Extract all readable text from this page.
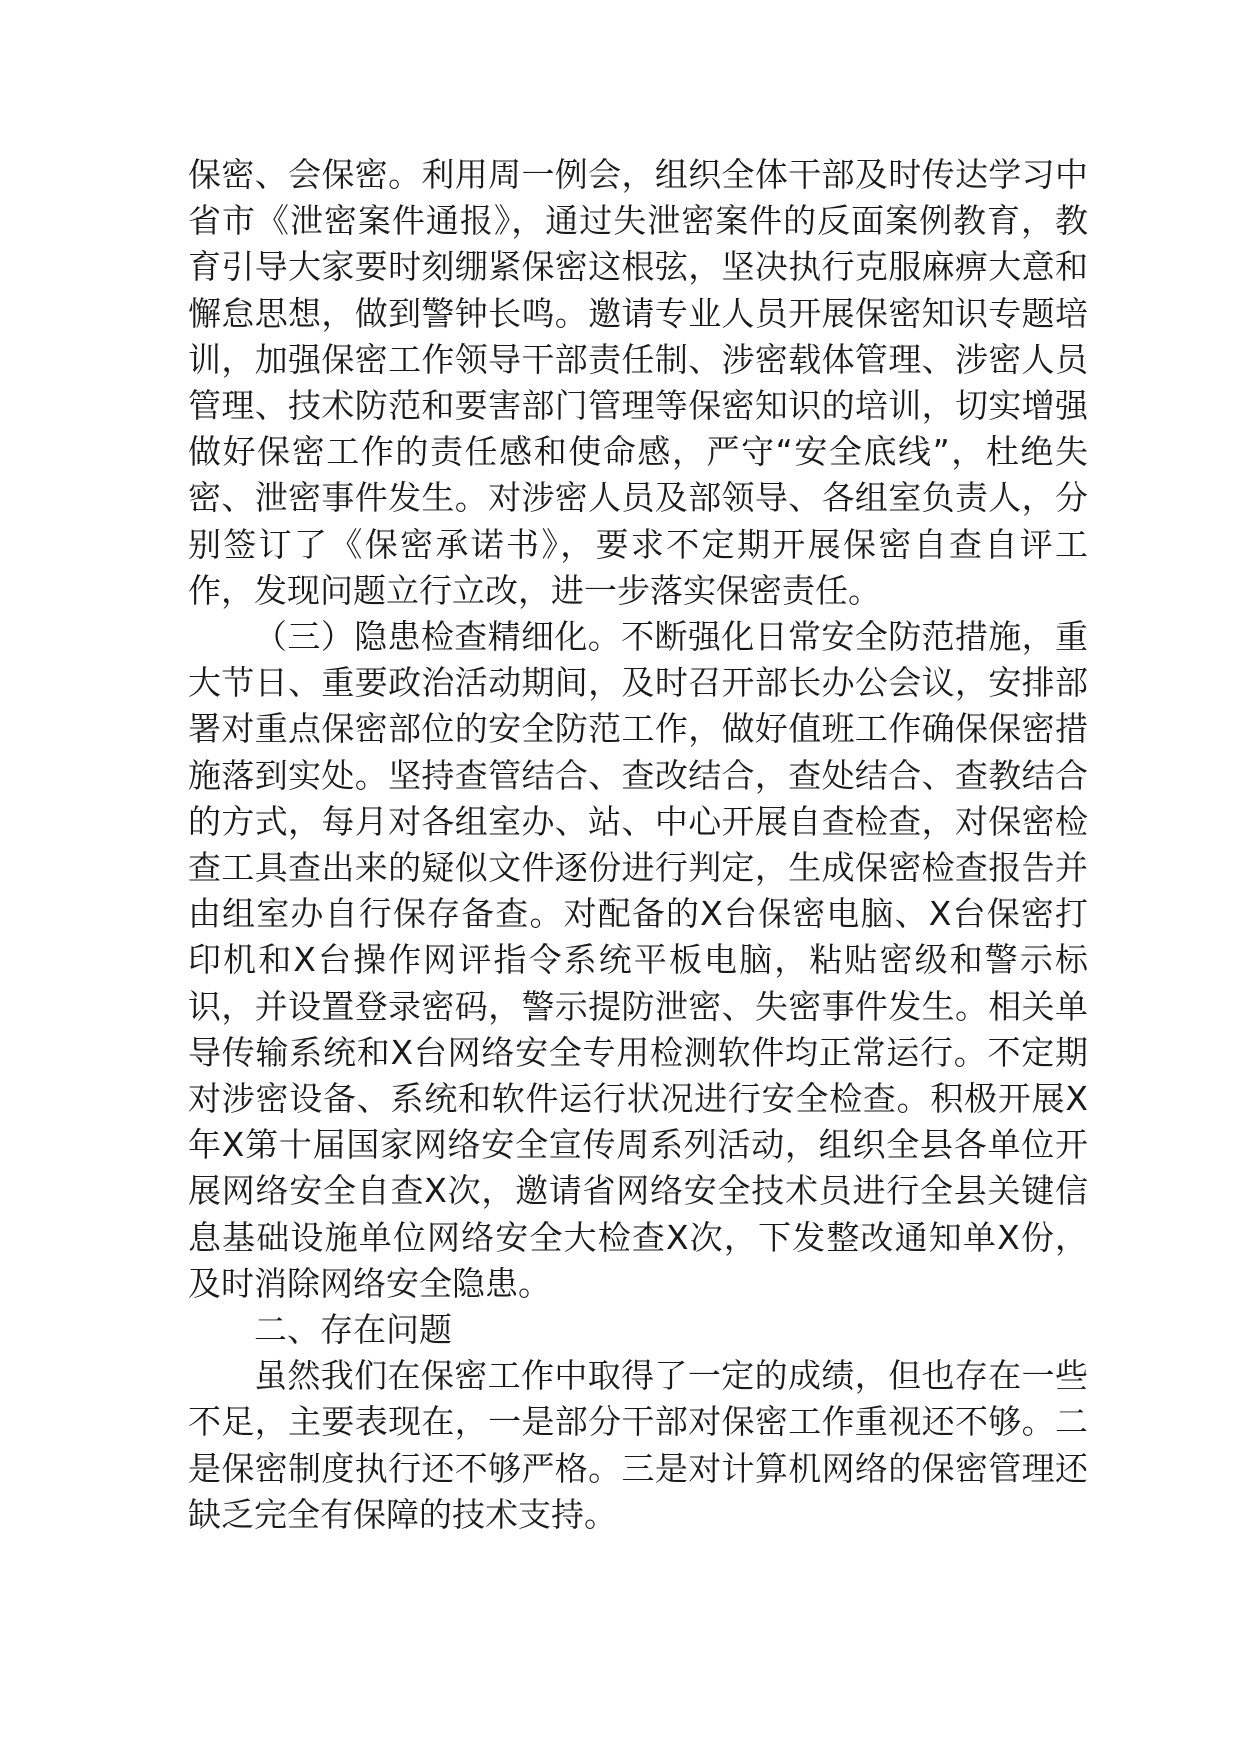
保密、会保密。利用周一例会，组织全体干部及时传达学习中省市《泄密案件通报》，通过失泄密案件的反面案例教育，教育引导大家要时刻绷紧保密这根弦，坚决执行克服麻痹大意和懈怠思想，做到警钟长鸣。邀请专业人员开展保密知识专题培训，加强保密工作领导干部责任制、涉密载体管理、涉密人员管理、技术防范和要害部门管理等保密知识的培训，切实增强做好保密工作的责任感和使命感，严守“安全底线”，杜绝失密、泄密事件发生。对涉密人员及部领导、各组室负责人，分别签订了《保密承诺书》，要求不定期开展保密自查自评工作，发现问题立行立改，进一步落实保密责任。

（三）隐患检查精细化。不断强化日常安全防范措施，重大节日、重要政治活动期间，及时召开部长办公会议，安排部署对重点保密部位的安全防范工作，做好值班工作确保保密措施落到实处。坚持查管结合、查改结合，查处结合、查教结合的方式，每月对各组室办、站、中心开展自查检查，对保密检查工具查出来的疑似文件逐份进行判定，生成保密检查报告并由组室办自行保存备查。对配备的X台保密电脑、X台保密打印机和X台操作网评指令系统平板电脑，粘贴密级和警示标识，并设置登录密码，警示提防泄密、失密事件发生。相关单导传输系统和X台网络安全专用检测软件均正常运行。不定期对涉密设备、系统和软件运行状况进行安全检查。积极开展X年X第十届国家网络安全宣传周系列活动，组织全县各单位开展网络安全自查X次，邀请省网络安全技术员进行全县关键信息基础设施单位网络安全大检查X次，下发整改通知单X份，及时消除网络安全隐患。

二、存在问题

虽然我们在保密工作中取得了一定的成绩，但也存在一些不足，主要表现在，一是部分干部对保密工作重视还不够。二是保密制度执行还不够严格。三是对计算机网络的保密管理还缺乏完全有保障的技术支持。
